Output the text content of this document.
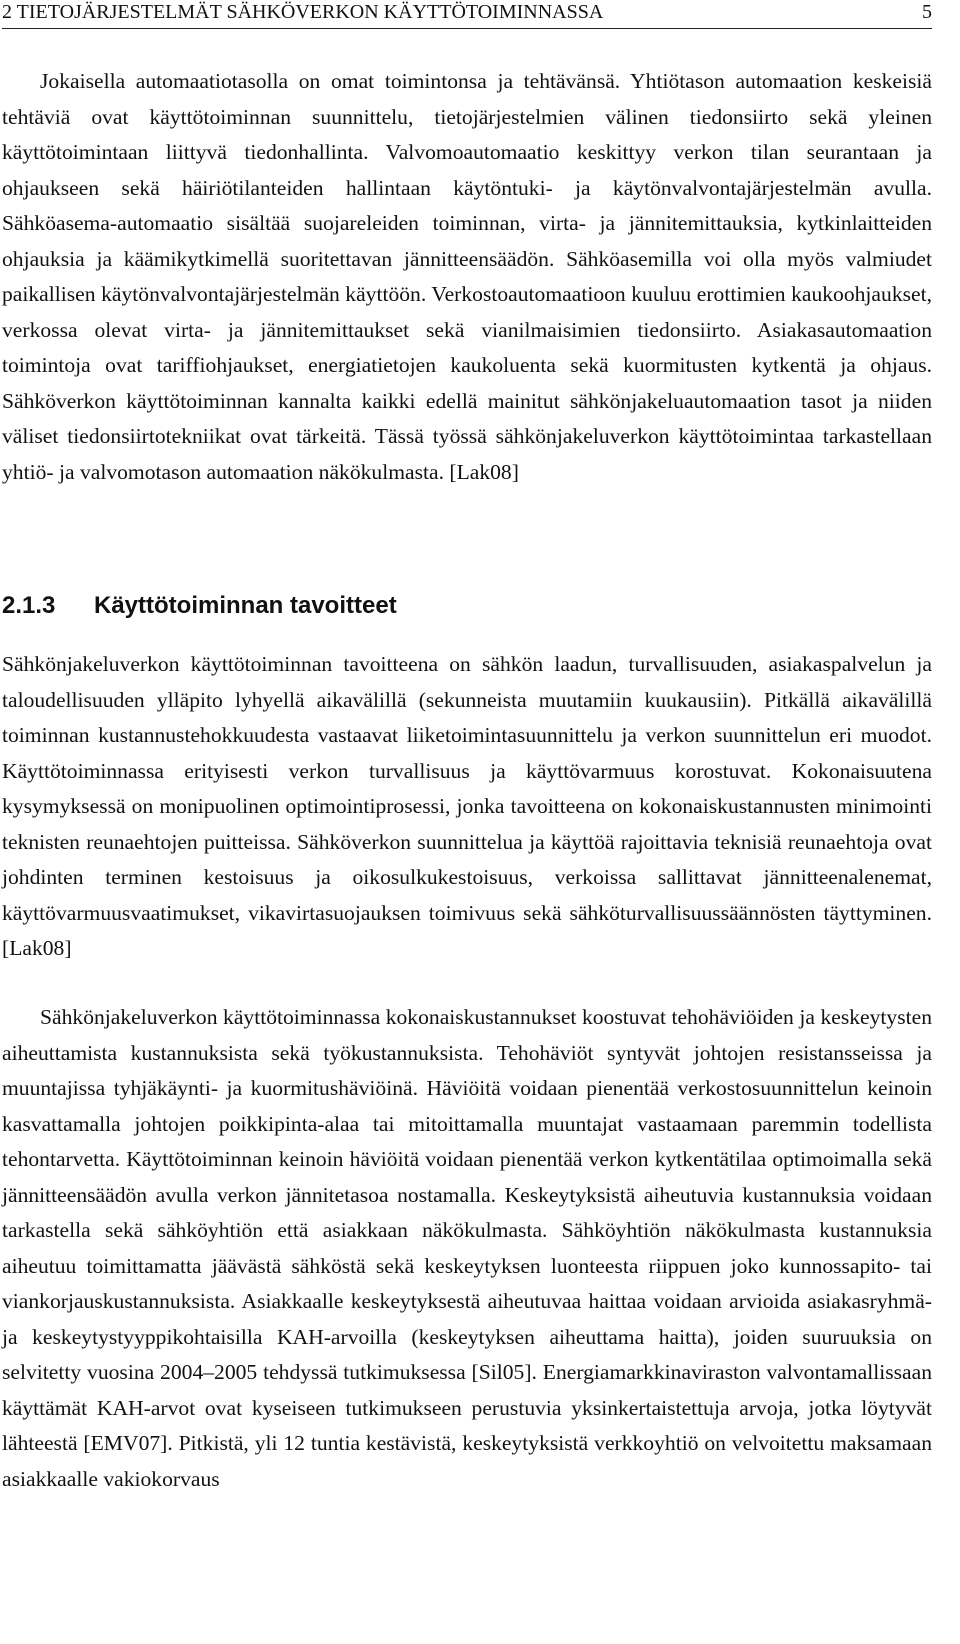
2 TIETOJÄRJESTELMÄT SÄHKÖVERKON KÄYTTÖTOIMINNASSA	5

Jokaisella automaatiotasolla on omat toimintonsa ja tehtävänsä. Yhtiötason automaation keskeisiä tehtäviä ovat käyttötoiminnan suunnittelu, tietojärjestelmien välinen tiedonsiirto sekä yleinen käyttötoimintaan liittyvä tiedonhallinta. Valvomoautomaatio keskittyy verkon tilan seurantaan ja ohjaukseen sekä häiriötilanteiden hallintaan käytöntuki- ja käytönvalvontajärjestelmän avulla. Sähköasema-automaatio sisältää suojareleiden toiminnan, virta- ja jännitemittauksia, kytkinlaitteiden ohjauksia ja käämikytkimellä suoritettavan jännitteensäädön. Sähköasemilla voi olla myös valmiudet paikallisen käytönvalvontajärjestelmän käyttöön. Verkostoautomaatioon kuuluu erottimien kaukoohjaukset, verkossa olevat virta- ja jännitemittaukset sekä vianilmaisimien tiedonsiirto. Asiakasautomaation toimintoja ovat tariffiohjaukset, energiatietojen kaukoluenta sekä kuormitusten kytkentä ja ohjaus. Sähköverkon käyttötoiminnan kannalta kaikki edellä mainitut sähkönjakeluautomaation tasot ja niiden väliset tiedonsiirtotekniikat ovat tärkeitä. Tässä työssä sähkönjakeluverkon käyttötoimintaa tarkastellaan yhtiö- ja valvomotason automaation näkökulmasta. [Lak08]

2.1.3 Käyttötoiminnan tavoitteet

Sähkönjakeluverkon käyttötoiminnan tavoitteena on sähkön laadun, turvallisuuden, asiakaspalvelun ja taloudellisuuden ylläpito lyhyellä aikavälillä (sekunneista muutamiin kuukausiin). Pitkällä aikavälillä toiminnan kustannustehokkuudesta vastaavat liiketoimintasuunnittelu ja verkon suunnittelun eri muodot. Käyttötoiminnassa erityisesti verkon turvallisuus ja käyttövarmuus korostuvat. Kokonaisuutena kysymyksessä on monipuolinen optimointiprosessi, jonka tavoitteena on kokonaiskustannusten minimointi teknisten reunaehtojen puitteissa. Sähköverkon suunnittelua ja käyttöä rajoittavia teknisiä reunaehtoja ovat johdinten terminen kestoisuus ja oikosulkukestoisuus, verkoissa sallittavat jännitteenalenemat, käyttövarmuusvaatimukset, vikavirtasuojauksen toimivuus sekä sähköturvallisuussäännösten täyttyminen. [Lak08]

Sähkönjakeluverkon käyttötoiminnassa kokonaiskustannukset koostuvat tehohäviöiden ja keskeytysten aiheuttamista kustannuksista sekä työkustannuksista. Tehohäviöt syntyvät johtojen resistansseissa ja muuntajissa tyhjäkäynti- ja kuormitushäviöinä. Häviöitä voidaan pienentää verkostosuunnittelun keinoin kasvattamalla johtojen poikkipinta-alaa tai mitoittamalla muuntajat vastaamaan paremmin todellista tehontarvetta. Käyttötoiminnan keinoin häviöitä voidaan pienentää verkon kytkentätilaa optimoimalla sekä jännitteensäädön avulla verkon jännitetasoa nostamalla. Keskeytyksistä aiheutuvia kustannuksia voidaan tarkastella sekä sähköyhtiön että asiakkaan näkökulmasta. Sähköyhtiön näkökulmasta kustannuksia aiheutuu toimittamatta jäävästä sähköstä sekä keskeytyksen luonteesta riippuen joko kunnossapito- tai viankorjauskustannuksista. Asiakkaalle keskeytyksestä aiheutuvaa haittaa voidaan arvioida asiakasryhmä- ja keskeytystyyppikohtaisilla KAH-arvoilla (keskeytyksen aiheuttama haitta), joiden suuruuksia on selvitetty vuosina 2004–2005 tehdyssä tutkimuksessa [Sil05]. Energiamarkkinaviraston valvontamallissaan käyttämät KAH-arvot ovat kyseiseen tutkimukseen perustuvia yksinkertaistettuja arvoja, jotka löytyvät lähteestä [EMV07]. Pitkistä, yli 12 tuntia kestävistä, keskeytyksistä verkkoyhtiö on velvoitettu maksamaan asiakkaalle vakiokorvaus
